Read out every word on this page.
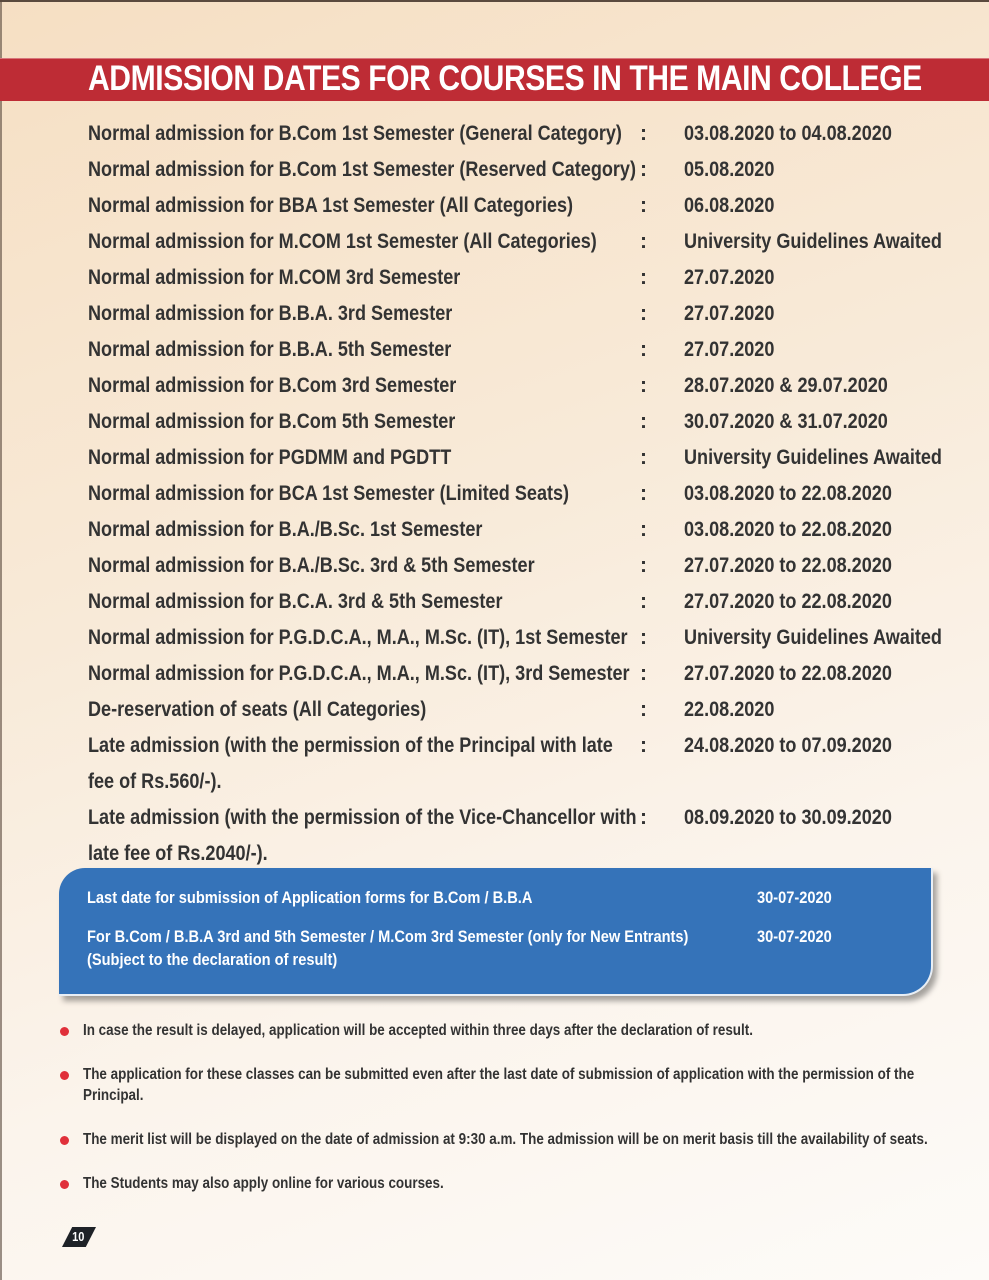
ADMISSION DATES FOR COURSES IN THE MAIN COLLEGE
Normal admission for B.Com 1st Semester (General Category) : 03.08.2020 to 04.08.2020
Normal admission for B.Com 1st Semester (Reserved Category) : 05.08.2020
Normal admission for BBA 1st Semester (All Categories)	: 06.08.2020
Normal admission for M.COM 1st Semester (All Categories) : University Guidelines Awaited
Normal admission for M.COM 3rd Semester	: 27.07.2020
Normal admission for B.B.A. 3rd Semester	: 27.07.2020
Normal admission for B.B.A. 5th Semester	: 27.07.2020
Normal admission for B.Com 3rd Semester	: 28.07.2020 & 29.07.2020
Normal admission for B.Com 5th Semester	: 30.07.2020 & 31.07.2020
Normal admission for PGDMM and PGDTT	: University Guidelines Awaited
Normal admission for BCA 1st Semester (Limited Seats)	: 03.08.2020 to 22.08.2020
Normal admission for B.A./B.Sc. 1st Semester	: 03.08.2020 to 22.08.2020
Normal admission for B.A./B.Sc. 3rd & 5th Semester	: 27.07.2020 to 22.08.2020
Normal admission for B.C.A. 3rd & 5th Semester	: 27.07.2020 to 22.08.2020
Normal admission for P.G.D.C.A., M.A., M.Sc. (IT), 1st Semester : University Guidelines Awaited
Normal admission for P.G.D.C.A., M.A., M.Sc. (IT), 3rd Semester : 27.07.2020 to 22.08.2020
De-reservation of seats (All Categories)	: 22.08.2020
Late admission (with the permission of the Principal with late fee of Rs.560/-).
: 24.08.2020 to 07.09.2020
Late admission (with the permission of the Vice-Chancellor with late fee of Rs.2040/-).
: 08.09.2020 to 30.09.2020
Last date for submission of Application forms for B.Com / B.B.A	30-07-2020
For B.Com / B.B.A 3rd and 5th Semester / M.Com 3rd Semester (only for New Entrants)	30-07-2020
(Subject to the declaration of result)
In case the result is delayed, application will be accepted within three days after the declaration of result.
The application for these classes can be submitted even after the last date of submission of application with the permission of the Principal.
The merit list will be displayed on the date of admission at 9:30 a.m. The admission will be on merit basis till the availability of seats.
The Students may also apply online for various courses.
10
